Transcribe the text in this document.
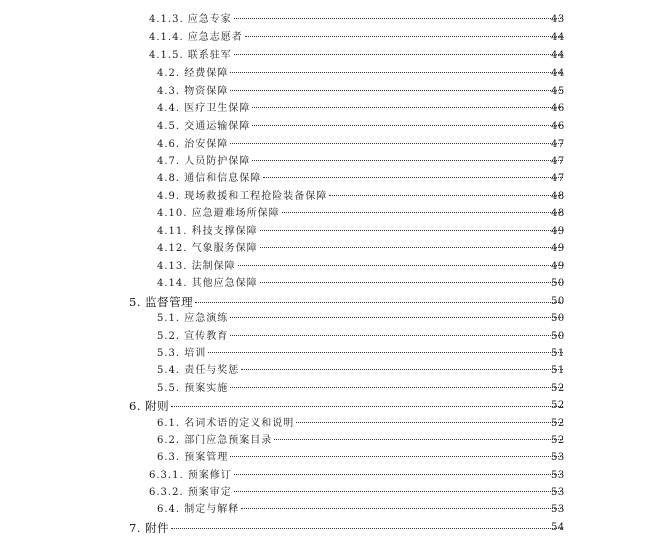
4.1.3. 应急专家	43
4.1.4. 应急志愿者	44
4.1.5. 联系驻军	44
4.2. 经费保障	44
4.3. 物资保障	45
4.4. 医疗卫生保障	46
4.5. 交通运输保障	46
4.6. 治安保障	47
4.7. 人员防护保障	47
4.8. 通信和信息保障	47
4.9. 现场救援和工程抢险装备保障	48
4.10. 应急避难场所保障	48
4.11. 科技支撑保障	49
4.12. 气象服务保障	49
4.13. 法制保障	49
4.14. 其他应急保障	50
5. 监督管理	50
5.1. 应急演练	50
5.2. 宣传教育	50
5.3. 培训	51
5.4. 责任与奖惩	51
5.5. 预案实施	52
6. 附则	52
6.1. 名词术语的定义和说明	52
6.2. 部门应急预案目录	52
6.3. 预案管理	53
6.3.1. 预案修订	53
6.3.2. 预案审定	53
6.4. 制定与解释	53
7. 附件	54
